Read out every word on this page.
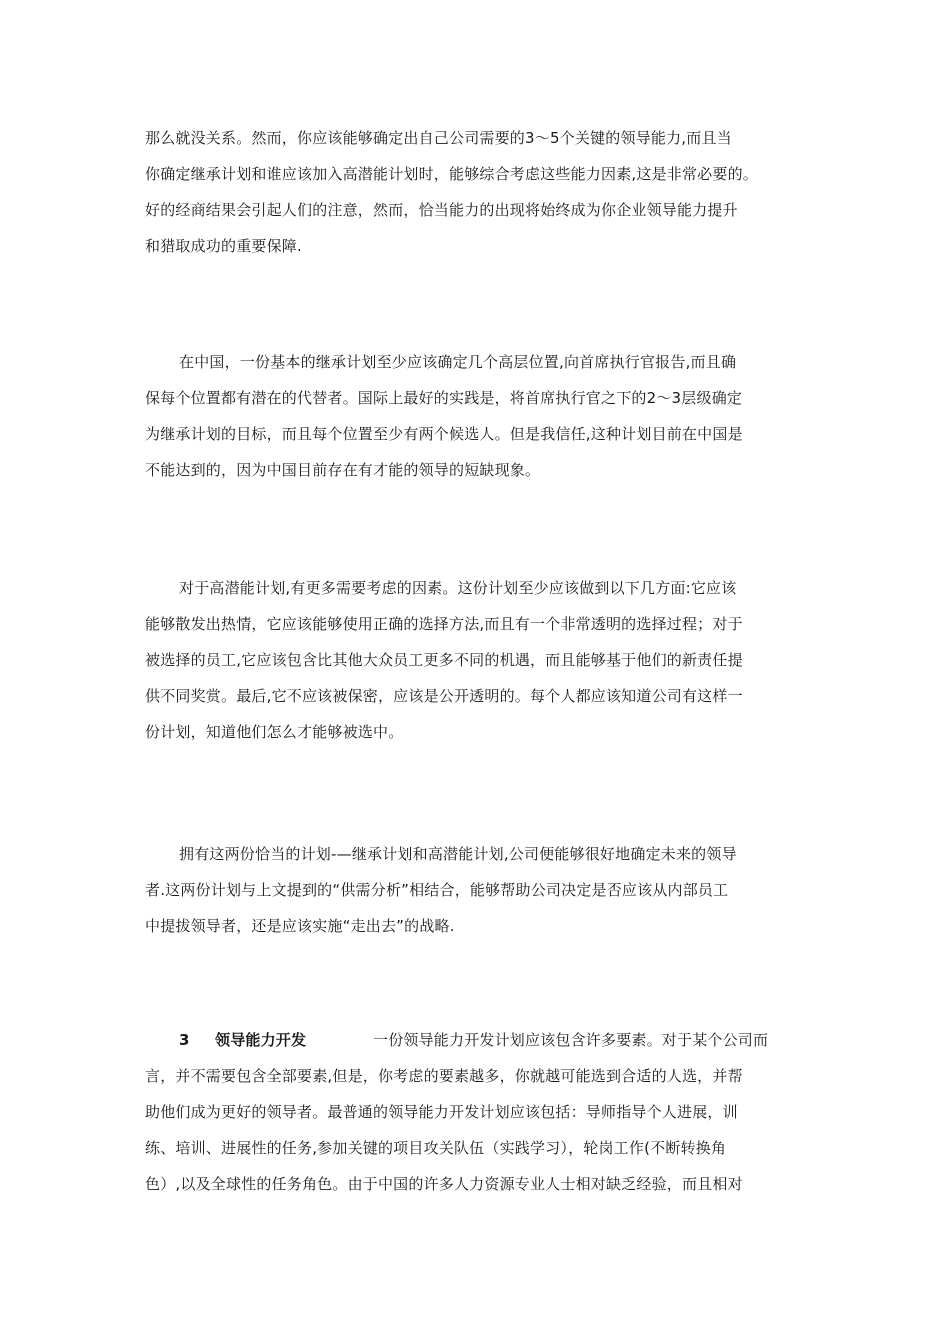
那么就没关系。然而，你应该能够确定出自己公司需要的3～5个关键的领导能力,而且当
你确定继承计划和谁应该加入高潜能计划时，能够综合考虑这些能力因素,这是非常必要的。
好的经商结果会引起人们的注意，然而，恰当能力的出现将始终成为你企业领导能力提升
和猎取成功的重要保障.
在中国，一份基本的继承计划至少应该确定几个高层位置,向首席执行官报告,而且确
保每个位置都有潜在的代替者。国际上最好的实践是，将首席执行官之下的2～3层级确定
为继承计划的目标，而且每个位置至少有两个候选人。但是我信任,这种计划目前在中国是
不能达到的，因为中国目前存在有才能的领导的短缺现象。
对于高潜能计划,有更多需要考虑的因素。这份计划至少应该做到以下几方面:它应该
能够散发出热情，它应该能够使用正确的选择方法,而且有一个非常透明的选择过程；对于
被选择的员工,它应该包含比其他大众员工更多不同的机遇，而且能够基于他们的新责任提
供不同奖赏。最后,它不应该被保密，应该是公开透明的。每个人都应该知道公司有这样一
份计划，知道他们怎么才能够被选中。
拥有这两份恰当的计划-—继承计划和高潜能计划,公司便能够很好地确定未来的领导
者.这两份计划与上文提到的“供需分析”相结合，能够帮助公司决定是否应该从内部员工
中提拔领导者，还是应该实施“走出去”的战略.
3 领导能力开发	一份领导能力开发计划应该包含许多要素。对于某个公司而
言，并不需要包含全部要素,但是，你考虑的要素越多，你就越可能选到合适的人选，并帮
助他们成为更好的领导者。最普通的领导能力开发计划应该包括：导师指导个人进展，训
练、培训、进展性的任务,参加关键的项目攻关队伍（实践学习），轮岗工作(不断转换角
色）,以及全球性的任务角色。由于中国的许多人力资源专业人士相对缺乏经验，而且相对
